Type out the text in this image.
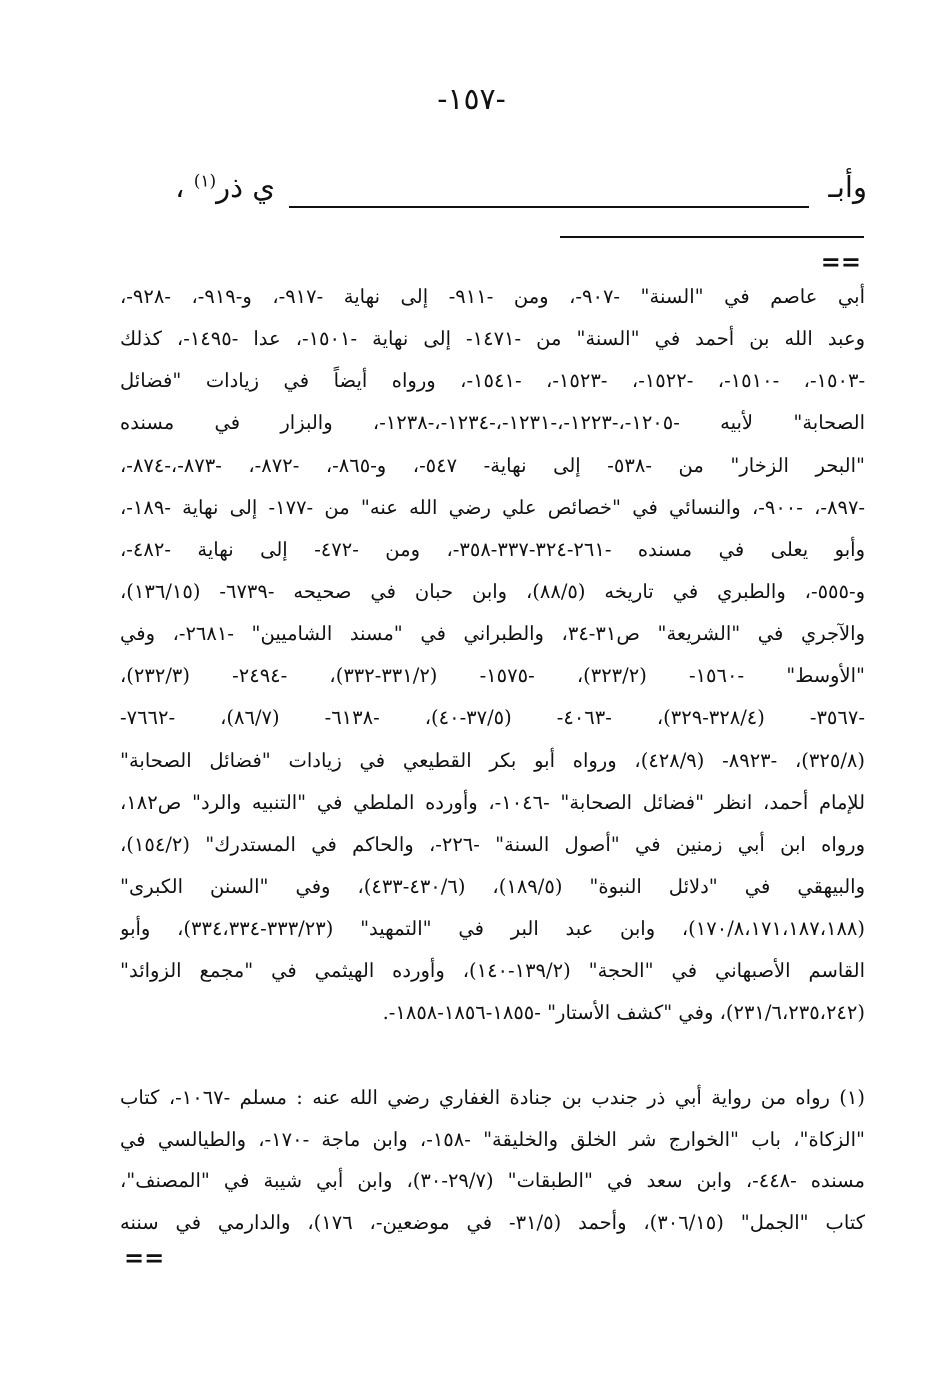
-١٥٧-
وأبـ
ي ذر$^{(١)}$ ،
==
أبي عاصم في "السنة" -٩٠٧-، ومن -٩١١- إلى نهاية -٩١٧-، و-٩١٩-، -٩٢٨-،
وعبد الله بن أحمد في "السنة" من -١٤٧١- إلى نهاية -١٥٠١-، عدا -١٤٩٥-، كذلك
-١٥٠٣-، -١٥١٠-، -١٥٢٢-، -١٥٢٣-، -١٥٤١-، ورواه أيضاً في زيادات "فضائل
الصحابة" لأبيه -١٢٠٥-،-١٢٢٣-،-١٢٣١-،-١٢٣٤-،-١٢٣٨-، والبزار في مسنده
"البحر الزخار" من -٥٣٨- إلى نهاية- ٥٤٧-، و-٨٦٥-، -٨٧٢-، -٨٧٣-،-٨٧٤-،
-٨٩٧-، -٩٠٠-، والنسائي في "خصائص علي رضي الله عنه" من -١٧٧- إلى نهاية -١٨٩-،
وأبو يعلى في مسنده -٢٦١-٣٢٤-٣٣٧-٣٥٨-، ومن -٤٧٢- إلى نهاية -٤٨٢-،
و-٥٥٥-، والطبري في تاريخه (٨٨/٥)، وابن حبان في صحيحه -٦٧٣٩- (١٣٦/١٥)،
والآجري في "الشريعة" ص٣١-٣٤، والطبراني في "مسند الشاميين" -٢٦٨١-، وفي
"الأوسط" -١٥٦٠- (٣٢٣/٢)، -١٥٧٥- (٣٣١/٢-٣٣٢)، -٢٤٩٤- (٢٣٢/٣)،
-٣٥٦٧- (٣٢٨/٤-٣٢٩)، -٤٠٦٣- (٣٧/٥-٤٠)، -٦١٣٨- (٨٦/٧)، -٧٦٦٢-
(٣٢٥/٨)، -٨٩٢٣- (٤٢٨/٩)، ورواه أبو بكر القطيعي في زيادات "فضائل الصحابة"
للإمام أحمد، انظر "فضائل الصحابة" -١٠٤٦-، وأورده الملطي في "التنبيه والرد" ص١٨٢،
ورواه ابن أبي زمنين في "أصول السنة" -٢٢٦-، والحاكم في المستدرك" (١٥٤/٢)،
والبيهقي في "دلائل النبوة" (١٨٩/٥)، (٤٣٠/٦-٤٣٣)، وفي "السنن الكبرى"
(١٧٠/٨،١٧١،١٨٧،١٨٨)، وابن عبد البر في "التمهيد" (٣٣٣/٢٣-٣٣٤،٣٣٤)، وأبو
القاسم الأصبهاني في "الحجة" (١٣٩/٢-١٤٠)، وأورده الهيثمي في "مجمع الزوائد"
(٢٣١/٦،٢٣٥،٢٤٢)، وفي "كشف الأستار" -١٨٥٥-١٨٥٦-١٨٥٨-.
(١) رواه من رواية أبي ذر جندب بن جنادة الغفاري رضي الله عنه : مسلم -١٠٦٧-، كتاب
"الزكاة"، باب "الخوارج شر الخلق والخليقة" -١٥٨-، وابن ماجة -١٧٠-، والطيالسي في
مسنده -٤٤٨-، وابن سعد في "الطبقات" (٢٩/٧-٣٠)، وابن أبي شيبة في "المصنف"،
كتاب "الجمل" (٣٠٦/١٥)، وأحمد (٣١/٥- في موضعين-، ١٧٦)، والدارمي في سننه
==
